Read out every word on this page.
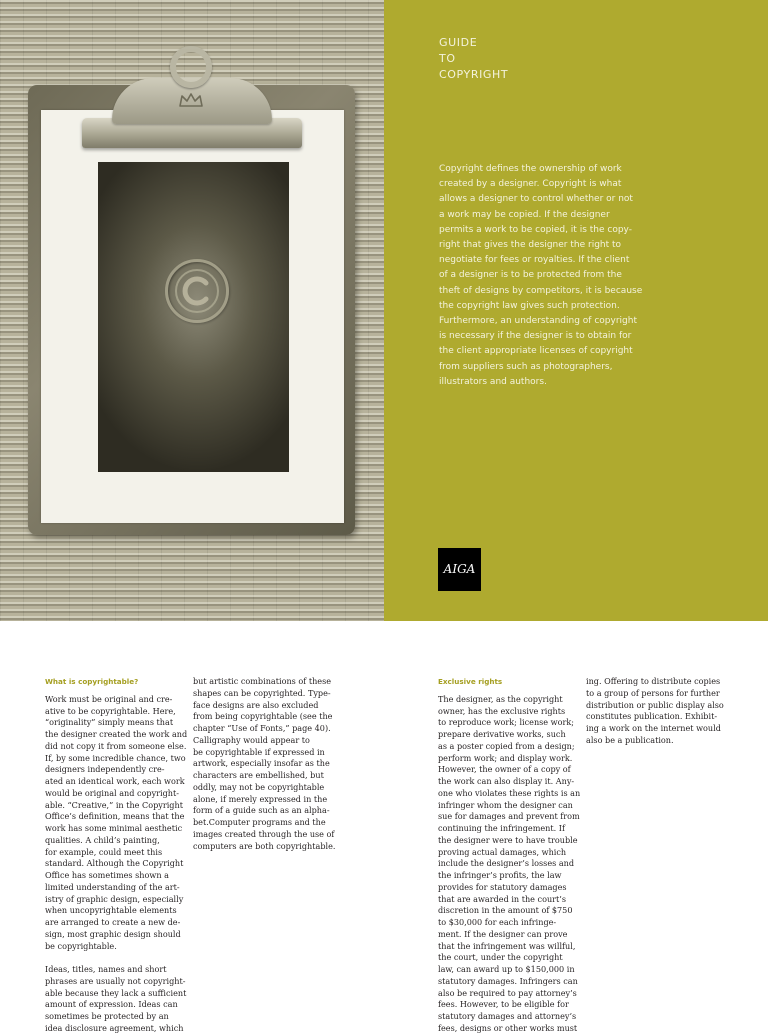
GUIDE
TO
COPYRIGHT
Copyright defines the ownership of work
created by a designer. Copyright is what
allows a designer to control whether or not
a work may be copied. If the designer
permits a work to be copied, it is the copy-
right that gives the designer the right to
negotiate for fees or royalties. If the client
of a designer is to be protected from the
theft of designs by competitors, it is because
the copyright law gives such protection.
Furthermore, an understanding of copyright
is necessary if the designer is to obtain for
the client appropriate licenses of copyright
from suppliers such as photographers,
illustrators and authors.
AIGA
What is copyrightable?
Work must be original and cre-
ative to be copyrightable. Here,
“originality” simply means that
the designer created the work and
did not copy it from someone else.
If, by some incredible chance, two
designers independently cre-
ated an identical work, each work
would be original and copyright-
able. “Creative,” in the Copyright
Office’s definition, means that the
work has some minimal aesthetic
qualities. A child’s painting,
for example, could meet this
standard. Although the Copyright
Office has sometimes shown a
limited understanding of the art-
istry of graphic design, especially
when uncopyrightable elements
are arranged to create a new de-
sign, most graphic design should
be copyrightable.
Ideas, titles, names and short
phrases are usually not copyright-
able because they lack a sufficient
amount of expression. Ideas can
sometimes be protected by an
idea disclosure agreement, which
but artistic combinations of these
shapes can be copyrighted. Type-
face designs are also excluded
from being copyrightable (see the
chapter “Use of Fonts,” page 40).
Calligraphy would appear to
be copyrightable if expressed in
artwork, especially insofar as the
characters are embellished, but
oddly, may not be copyrightable
alone, if merely expressed in the
form of a guide such as an alpha-
bet.Computer programs and the
images created through the use of
computers are both copyrightable.
Exclusive rights
The designer, as the copyright
owner, has the exclusive rights
to reproduce work; license work;
prepare derivative works, such
as a poster copied from a design;
perform work; and display work.
However, the owner of a copy of
the work can also display it. Any-
one who violates these rights is an
infringer whom the designer can
sue for damages and prevent from
continuing the infringement. If
the designer were to have trouble
proving actual damages, which
include the designer’s losses and
the infringer’s profits, the law
provides for statutory damages
that are awarded in the court’s
discretion in the amount of $750
to $30,000 for each infringe-
ment. If the designer can prove
that the infringement was willful,
the court, under the copyright
law, can award up to $150,000 in
statutory damages. Infringers can
also be required to pay attorney’s
fees. However, to be eligible for
statutory damages and attorney’s
fees, designs or other works must
ing. Offering to distribute copies
to a group of persons for further
distribution or public display also
constitutes publication. Exhibit-
ing a work on the internet would
also be a publication.
